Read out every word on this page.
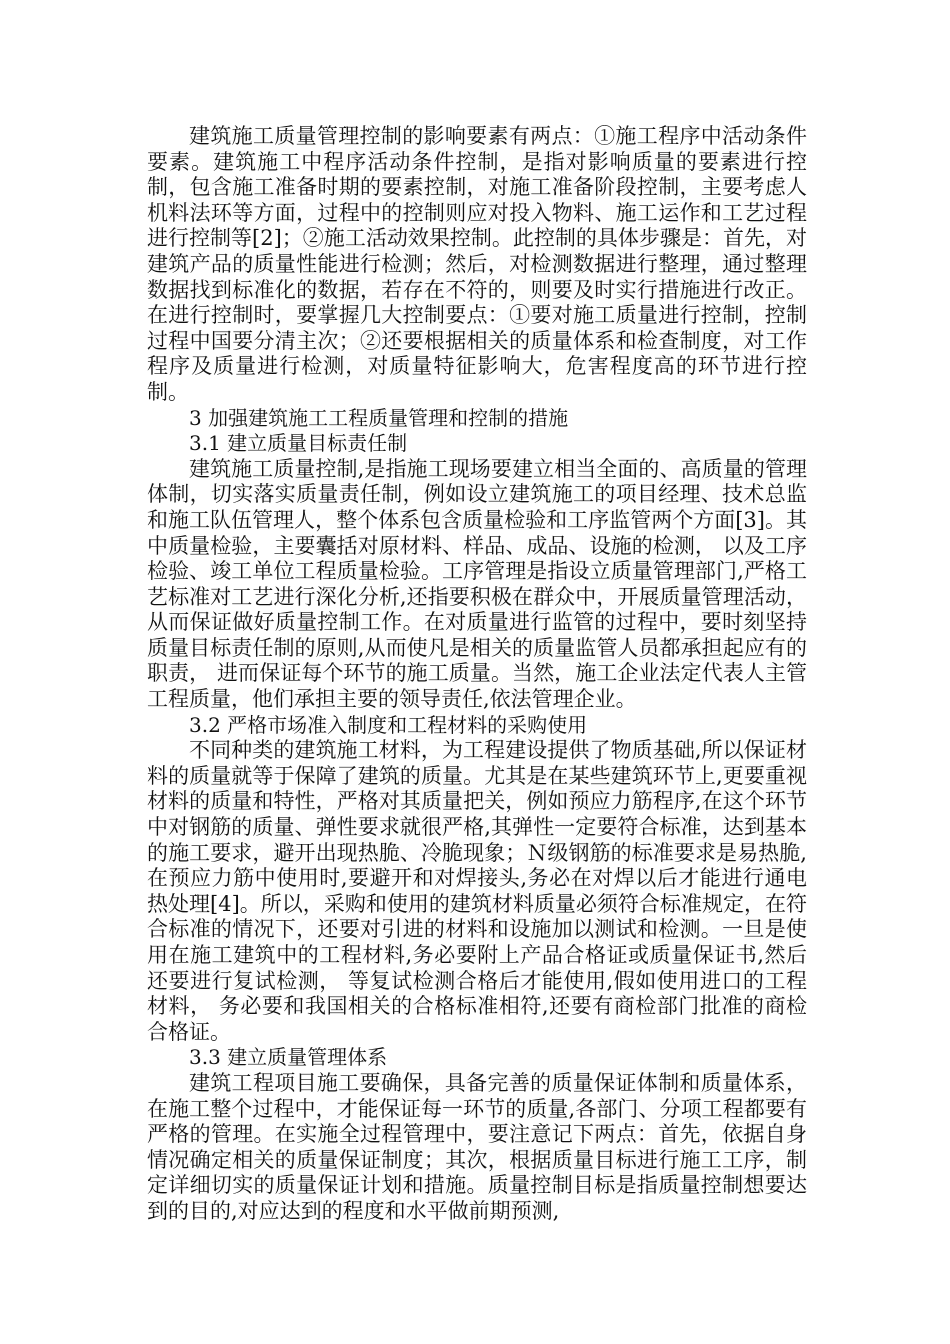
建筑施工质量管理控制的影响要素有两点：①施工程序中活动条件要素。建筑施工中程序活动条件控制，是指对影响质量的要素进行控制，包含施工准备时期的要素控制，对施工准备阶段控制，主要考虑人机料法环等方面，过程中的控制则应对投入物料、施工运作和工艺过程进行控制等[2]；②施工活动效果控制。此控制的具体步骤是：首先，对建筑产品的质量性能进行检测；然后，对检测数据进行整理，通过整理数据找到标准化的数据，若存在不符的，则要及时实行措施进行改正。在进行控制时，要掌握几大控制要点：①要对施工质量进行控制，控制过程中国要分清主次；②还要根据相关的质量体系和检查制度，对工作程序及质量进行检测，对质量特征影响大，危害程度高的环节进行控制。

3 加强建筑施工工程质量管理和控制的措施

3.1 建立质量目标责任制

建筑施工质量控制,是指施工现场要建立相当全面的、高质量的管理体制，切实落实质量责任制，例如设立建筑施工的项目经理、技术总监和施工队伍管理人，整个体系包含质量检验和工序监管两个方面[3]。其中质量检验，主要囊括对原材料、样品、成品、设施的检测， 以及工序检验、竣工单位工程质量检验。工序管理是指设立质量管理部门,严格工艺标准对工艺进行深化分析,还指要积极在群众中，开展质量管理活动，从而保证做好质量控制工作。在对质量进行监管的过程中，要时刻坚持质量目标责任制的原则,从而使凡是相关的质量监管人员都承担起应有的职责， 进而保证每个环节的施工质量。当然，施工企业法定代表人主管工程质量，他们承担主要的领导责任,依法管理企业。

3.2 严格市场准入制度和工程材料的采购使用

不同种类的建筑施工材料，为工程建设提供了物质基础,所以保证材料的质量就等于保障了建筑的质量。尤其是在某些建筑环节上,更要重视材料的质量和特性，严格对其质量把关，例如预应力筋程序,在这个环节中对钢筋的质量、弹性要求就很严格,其弹性一定要符合标准，达到基本的施工要求，避开出现热脆、冷脆现象；Ｎ级钢筋的标准要求是易热脆,在预应力筋中使用时,要避开和对焊接头,务必在对焊以后才能进行通电热处理[4]。所以，采购和使用的建筑材料质量必须符合标准规定，在符合标准的情况下，还要对引进的材料和设施加以测试和检测。一旦是使用在施工建筑中的工程材料,务必要附上产品合格证或质量保证书,然后还要进行复试检测， 等复试检测合格后才能使用,假如使用进口的工程材料， 务必要和我国相关的合格标准相符,还要有商检部门批准的商检合格证。

3.3 建立质量管理体系

建筑工程项目施工要确保，具备完善的质量保证体制和质量体系，在施工整个过程中，才能保证每一环节的质量,各部门、分项工程都要有严格的管理。在实施全过程管理中，要注意记下两点：首先，依据自身情况确定相关的质量保证制度；其次，根据质量目标进行施工工序，制定详细切实的质量保证计划和措施。质量控制目标是指质量控制想要达到的目的,对应达到的程度和水平做前期预测,
